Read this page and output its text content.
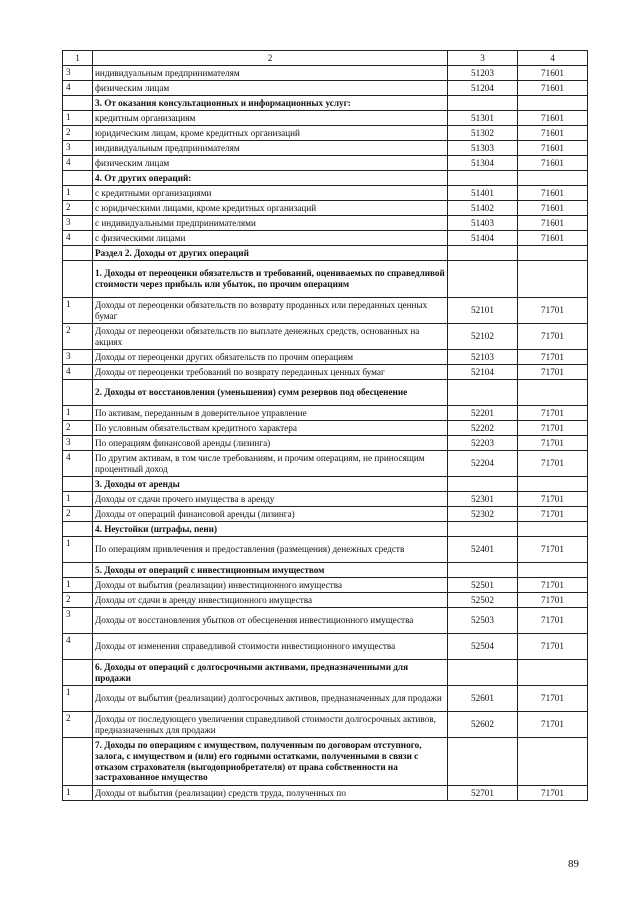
1	2	3	4
3	индивидуальным предпринимателям	51203	71601
4	физическим лицам	51204	71601
	3. От оказания консультационных и информационных услуг:		
1	кредитным организациям	51301	71601
2	юридическим лицам, кроме кредитных организаций	51302	71601
3	индивидуальным предпринимателям	51303	71601
4	физическим лицам	51304	71601
	4. От других операций:		
1	с кредитными организациями	51401	71601
2	с юридическими лицами, кроме кредитных организаций	51402	71601
3	с индивидуальными предпринимателями	51403	71601
4	с физическими лицами	51404	71601
	Раздел 2. Доходы от других операций		
	1. Доходы от переоценки обязательств и требований, оцениваемых по справедливой стоимости через прибыль или убыток, по прочим операциям		
1	Доходы от переоценки обязательств по возврату проданных или переданных ценных бумаг	52101	71701
2	Доходы от переоценки обязательств по выплате денежных средств, основанных на акциях	52102	71701
3	Доходы от переоценки других обязательств по прочим операциям	52103	71701
4	Доходы от переоценки требований по возврату переданных ценных бумаг	52104	71701
	2. Доходы от восстановления (уменьшения) сумм резервов под обесценение		
1	По активам, переданным в доверительное управление	52201	71701
2	По условным обязательствам кредитного характера	52202	71701
3	По операциям финансовой аренды (лизинга)	52203	71701
4	По другим активам, в том числе требованиям, и прочим операциям, не приносящим процентный доход	52204	71701
	3. Доходы от аренды		
1	Доходы от сдачи прочего имущества в аренду	52301	71701
2	Доходы от операций финансовой аренды (лизинга)	52302	71701
	4. Неустойки (штрафы, пени)		
1	По операциям привлечения и предоставления (размещения) денежных средств	52401	71701
	5. Доходы от операций с инвестиционным имуществом		
1	Доходы от выбытия (реализации) инвестиционного имущества	52501	71701
2	Доходы от сдачи в аренду инвестиционного имущества	52502	71701
3	Доходы от восстановления убытков от обесценения инвестиционного имущества	52503	71701
4	Доходы от изменения справедливой стоимости инвестиционного имущества	52504	71701
	6. Доходы от операций с долгосрочными активами, предназначенными для продажи		
1	Доходы от выбытия (реализации) долгосрочных активов, предназначенных для продажи	52601	71701
2	Доходы от последующего увеличения справедливой стоимости долгосрочных активов, предназначенных для продажи	52602	71701
	7. Доходы по операциям с имуществом, полученным по договорам отступного, залога, с имуществом и (или) его годными остатками, полученными в связи с отказом страхователя (выгодоприобретателя) от права собственности на застрахованное имущество		
1	Доходы от выбытия (реализации) средств труда, полученных по	52701	71701
89
